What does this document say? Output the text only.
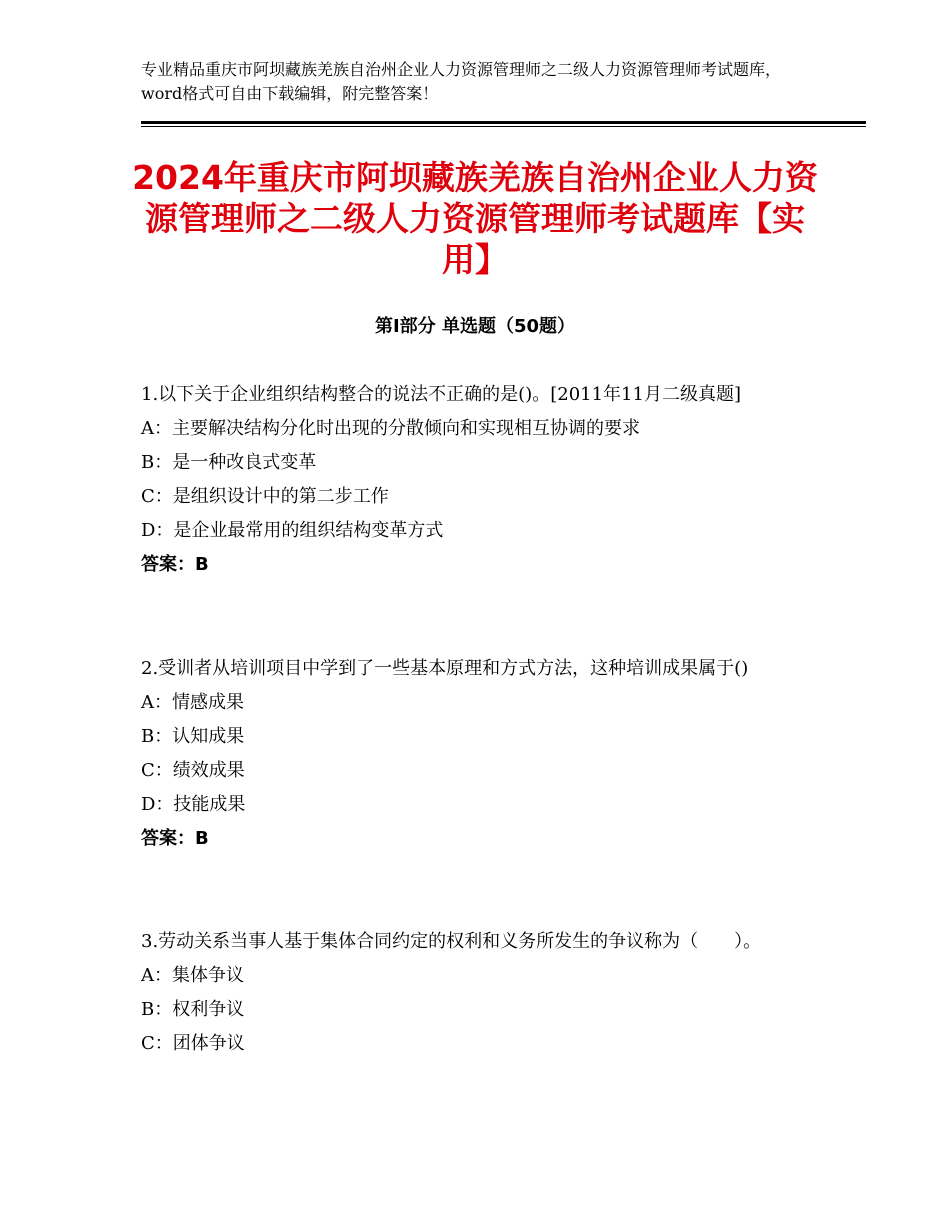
专业精品重庆市阿坝藏族羌族自治州企业人力资源管理师之二级人力资源管理师考试题库，word格式可自由下载编辑，附完整答案！
2024年重庆市阿坝藏族羌族自治州企业人力资源管理师之二级人力资源管理师考试题库【实用】
第Ⅰ部分 单选题（50题）

1.以下关于企业组织结构整合的说法不正确的是()。[2011年11月二级真题]

A：主要解决结构分化时出现的分散倾向和实现相互协调的要求

B：是一种改良式变革

C：是组织设计中的第二步工作

D：是企业最常用的组织结构变革方式

答案：B

2.受训者从培训项目中学到了一些基本原理和方式方法，这种培训成果属于()

A：情感成果

B：认知成果

C：绩效成果

D：技能成果

答案：B

3.劳动关系当事人基于集体合同约定的权利和义务所发生的争议称为（　　）。

A：集体争议

B：权利争议

C：团体争议
